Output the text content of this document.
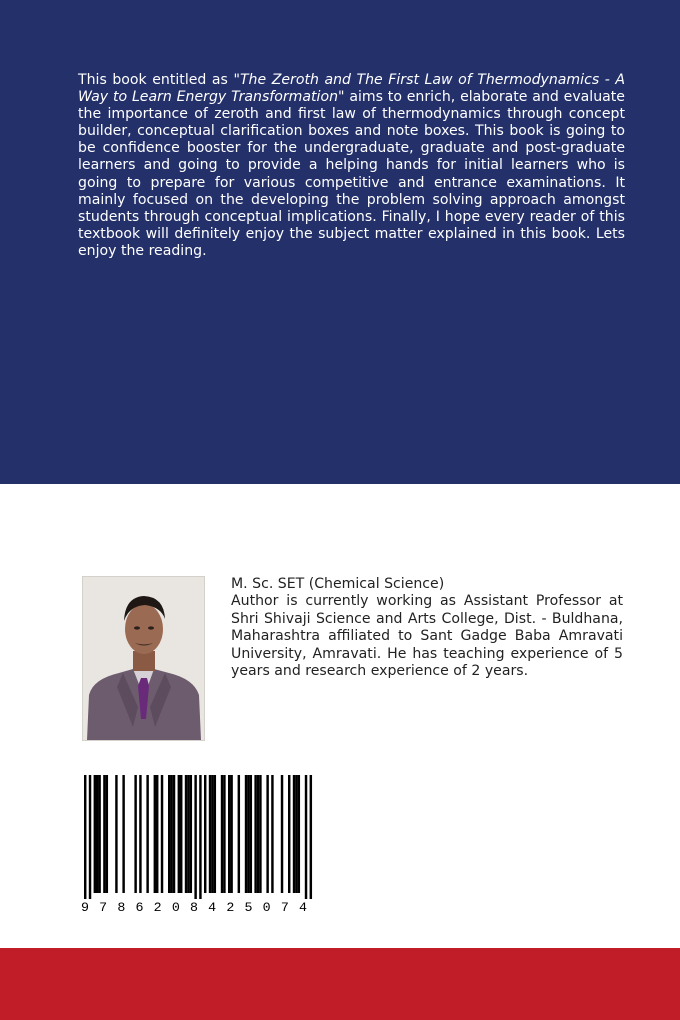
This book entitled as "The Zeroth and The First Law of Thermodynamics - A Way to Learn Energy Transformation" aims to enrich, elaborate and evaluate the importance of zeroth and first law of thermodynamics through concept builder, conceptual clarification boxes and note boxes. This book is going to be confidence booster for the undergraduate, graduate and post-graduate learners and going to provide a helping hands for initial learners who is going to prepare for various competitive and entrance examinations. It mainly focused on the developing the problem solving approach amongst students through conceptual implications. Finally, I hope every reader of this textbook will definitely enjoy the subject matter explained in this book. Lets enjoy the reading.

M. Sc. SET (Chemical Science)

Author is currently working as Assistant Professor at Shri Shivaji Science and Arts College, Dist. - Buldhana, Maharashtra affiliated to Sant Gadge Baba Amravati University, Amravati. He has teaching experience of 5 years and research experience of 2 years.

9786208425074
